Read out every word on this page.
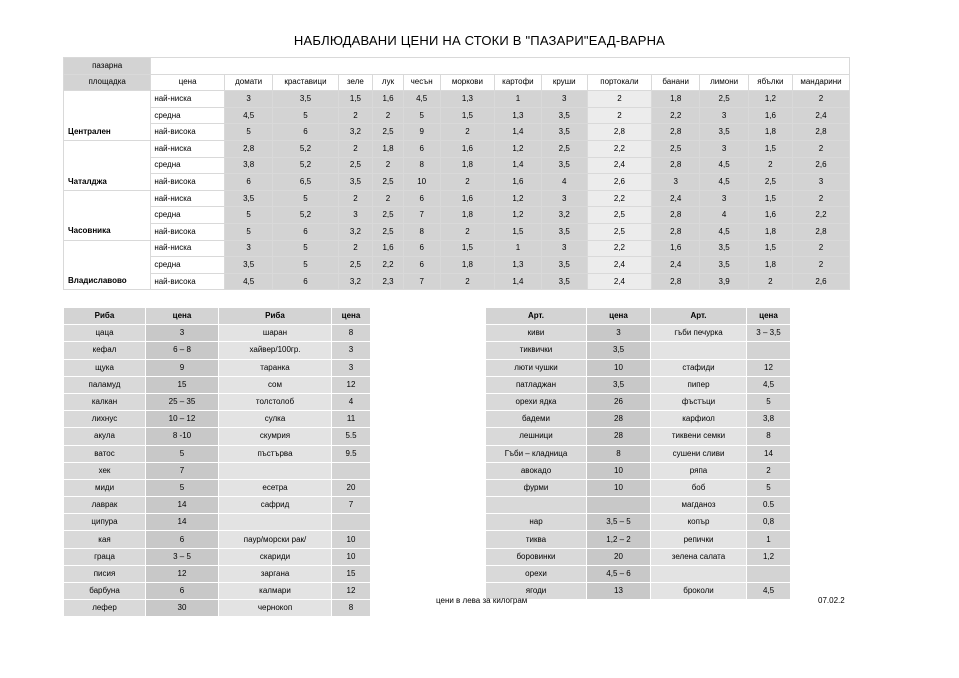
НАБЛЮДАВАНИ ЦЕНИ НА СТОКИ В "ПАЗАРИ"ЕАД-ВАРНА
пазарна														
площадка	цена	домати	краставици	зеле	лук	чесън	моркови	картофи	круши	портокали	банани	лимони	ябълки	мандарини
	най-ниска	3	3,5	1,5	1,6	4,5	1,3	1	3	2	1,8	2,5	1,2	2
	средна	4,5	5	2	2	5	1,5	1,3	3,5	2	2,2	3	1,6	2,4
Централен	най-висока	5	6	3,2	2,5	9	2	1,4	3,5	2,8	2,8	3,5	1,8	2,8
	най-ниска	2,8	5,2	2	1,8	6	1,6	1,2	2,5	2,2	2,5	3	1,5	2
	средна	3,8	5,2	2,5	2	8	1,8	1,4	3,5	2,4	2,8	4,5	2	2,6
Чаталджа	най-висока	6	6,5	3,5	2,5	10	2	1,6	4	2,6	3	4,5	2,5	3
	най-ниска	3,5	5	2	2	6	1,6	1,2	3	2,2	2,4	3	1,5	2
	средна	5	5,2	3	2,5	7	1,8	1,2	3,2	2,5	2,8	4	1,6	2,2
Часовника	най-висока	5	6	3,2	2,5	8	2	1,5	3,5	2,5	2,8	4,5	1,8	2,8
	най-ниска	3	5	2	1,6	6	1,5	1	3	2,2	1,6	3,5	1,5	2
	средна	3,5	5	2,5	2,2	6	1,8	1,3	3,5	2,4	2,4	3,5	1,8	2
Владиславово	най-висока	4,5	6	3,2	2,3	7	2	1,4	3,5	2,4	2,8	3,9	2	2,6
Риба	цена	Риба	цена
цаца	3	шаран	8
кефал	6 – 8	хайвер/100гр.	3
щука	9	таранка	3
паламуд	15	сом	12
калкан	25 – 35	толстолоб	4
лихнус	10 – 12	сулка	11
акула	8 -10	скумрия	5.5
ватос	5	пъстърва	9.5
хек	7		
миди	5	есетра	20
лаврак	14	сафрид	7
ципура	14		
кая	6	паур/морски рак/	10
граца	3 – 5	скариди	10
писия	12	заргана	15
барбуна	6	калмари	12
лефер	30	чернокоп	8
Арт.	цена	Арт.	цена
киви	3	гъби печурка	3 – 3,5
тиквички	3,5		
люти чушки	10	стафиди	12
патладжан	3,5	пипер	4,5
орехи ядка	26	фъстъци	5
бадеми	28	карфиол	3,8
лешници	28	тиквени семки	8
Гъби – кладница	8	сушени сливи	14
авокадо	10	ряпа	2
фурми	10	боб	5
		магданоз	0.5
нар	3,5 – 5	копър	0,8
тиква	1,2 – 2	репички	1
боровинки	20	зелена салата	1,2
орехи	4,5 – 6		
ягоди	13	броколи	4,5
цени в лева за килограм	07.02.2
